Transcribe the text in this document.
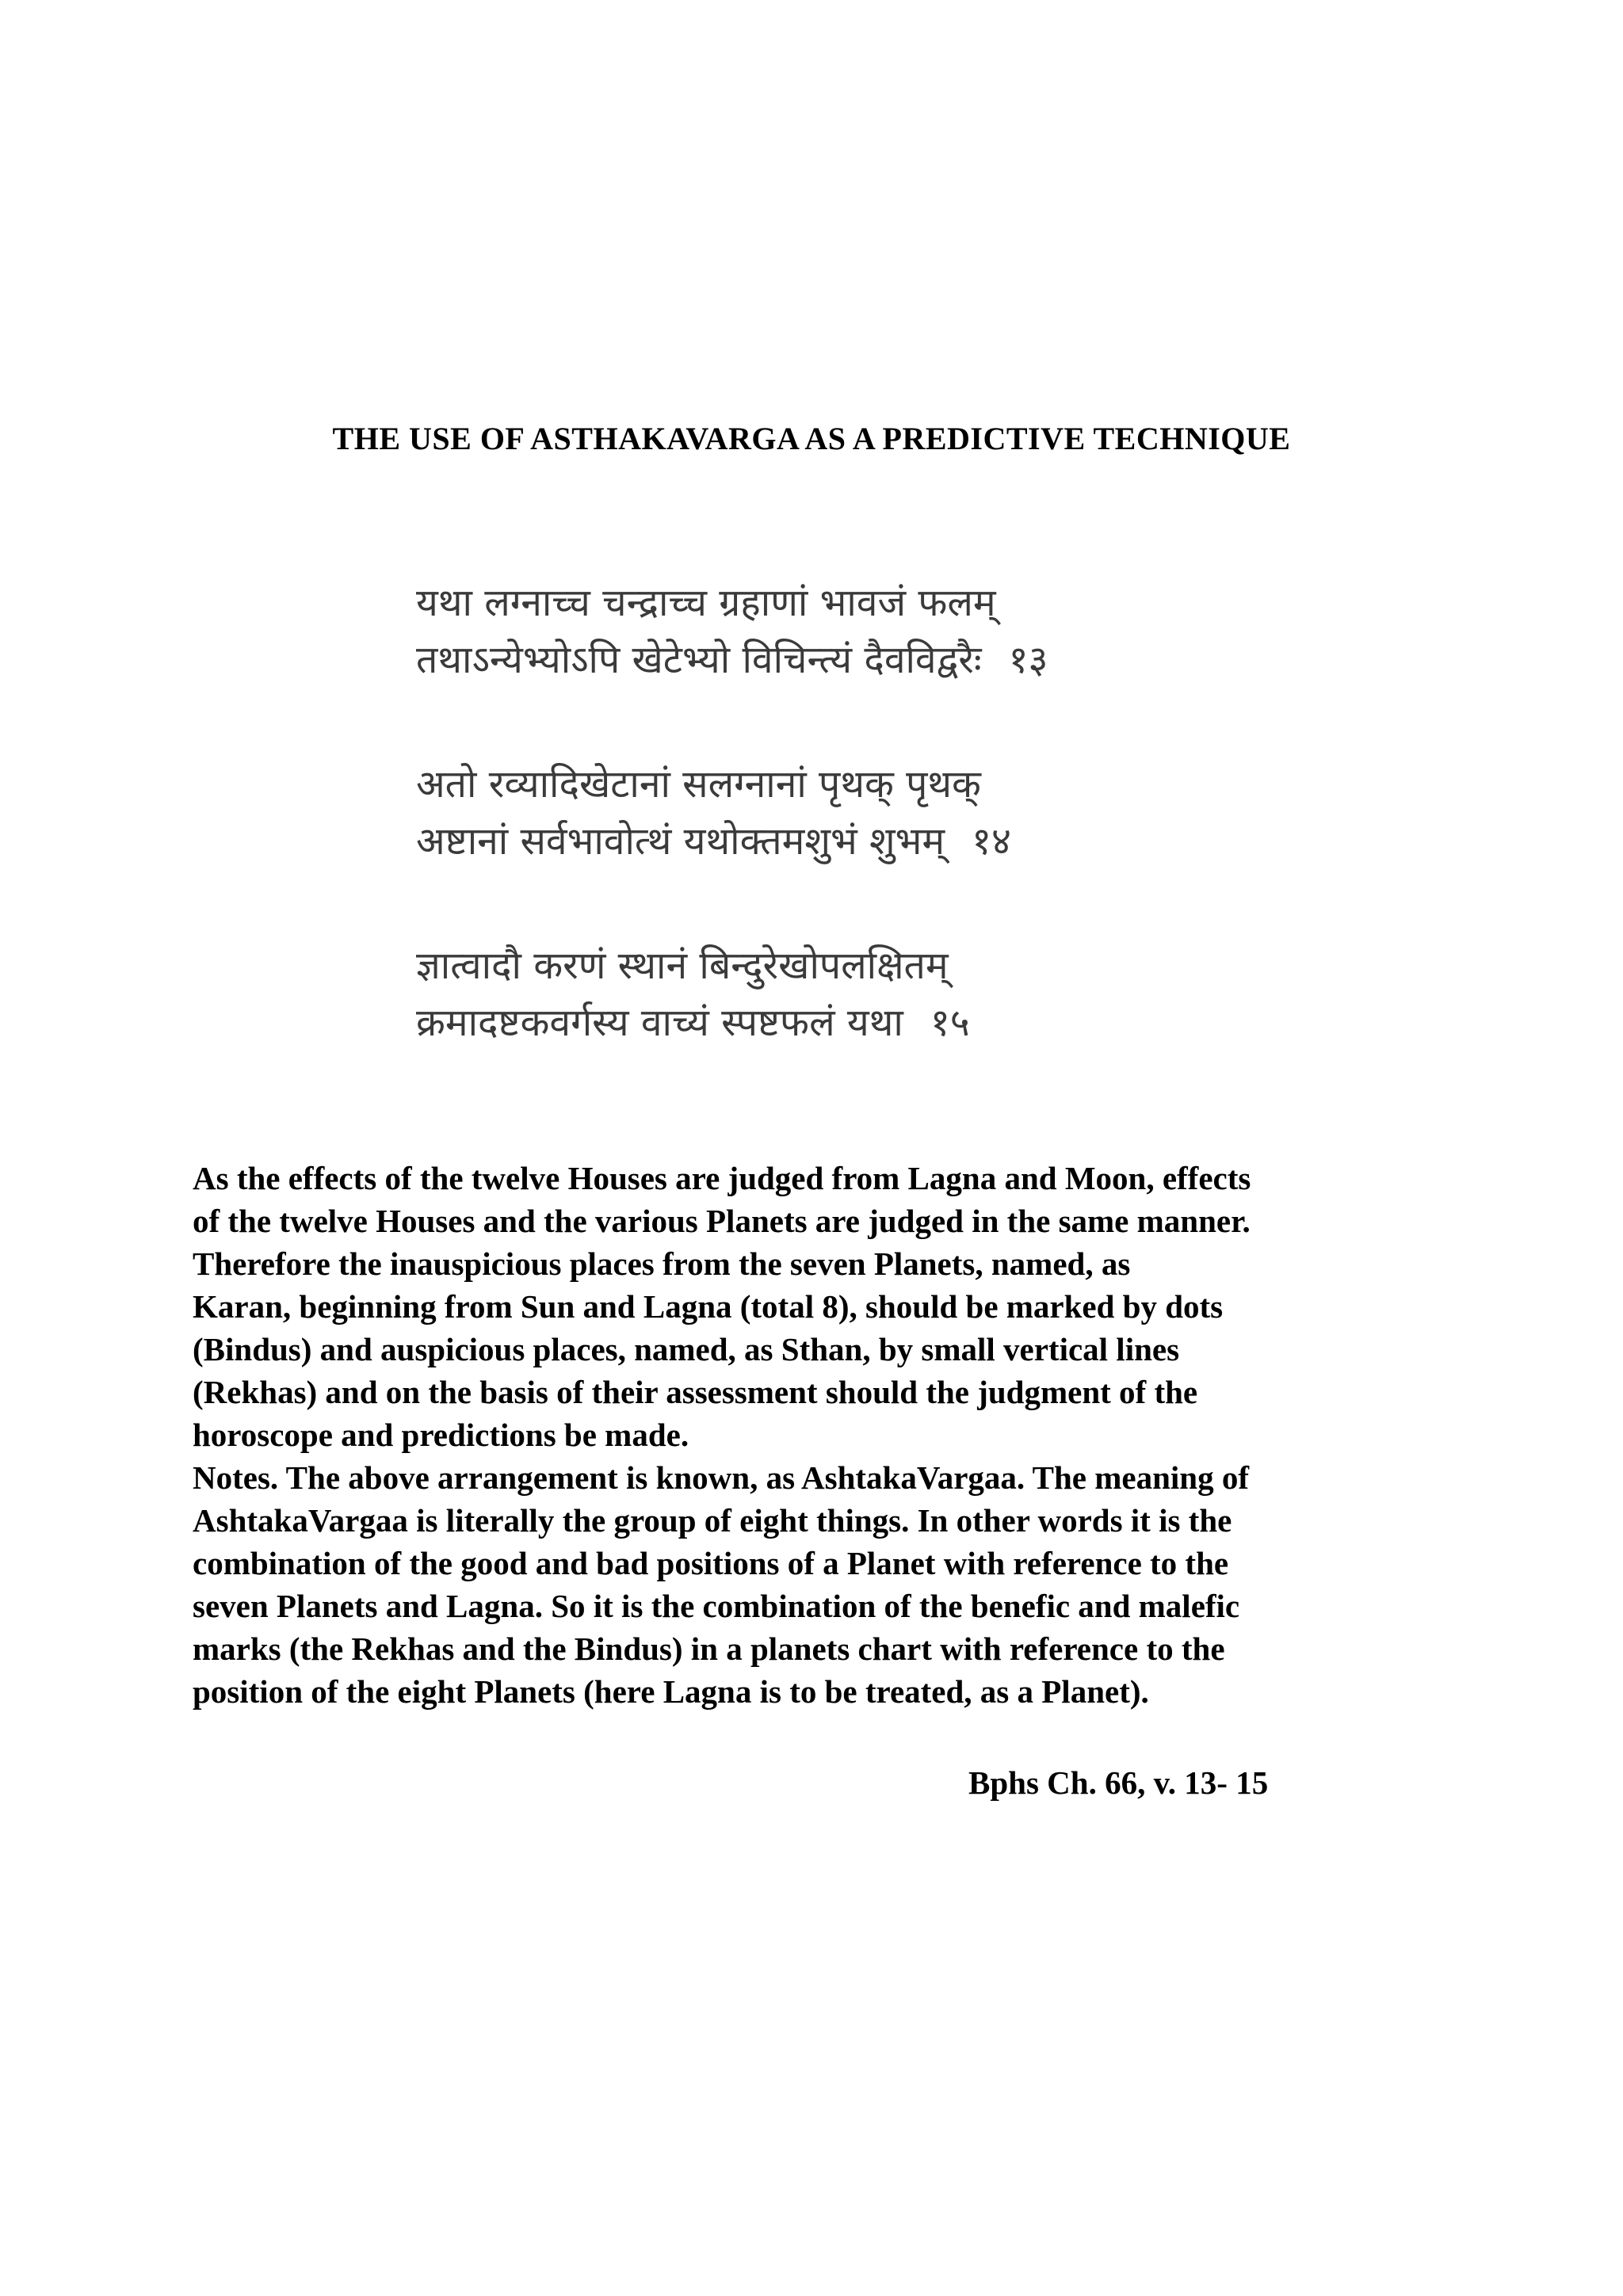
THE USE OF ASTHAKAVARGA AS A PREDICTIVE TECHNIQUE
यथा लग्नाच्च चन्द्राच्च ग्रहाणां भावजं फलम्
तथाऽन्येभ्योऽपि खेटेभ्यो विचिन्त्यं दैवविद्वरैः १३
अतो रव्यादिखेटानां सलग्नानां पृथक् पृथक्
अष्टानां सर्वभावोत्थं यथोक्तमशुभं शुभम् १४
ज्ञात्वादौ करणं स्थानं बिन्दुरेखोपलक्षितम्
क्रमादष्टकवर्गस्य वाच्यं स्पष्टफलं यथा १५
As the effects of the twelve Houses are judged from Lagna and Moon, effects
of the twelve Houses and the various Planets are judged in the same manner.
Therefore the inauspicious places from the seven Planets, named, as
Karan, beginning from Sun and Lagna (total 8), should be marked by dots
(Bindus) and auspicious places, named, as Sthan, by small vertical lines
(Rekhas) and on the basis of their assessment should the judgment of the
horoscope and predictions be made.
Notes. The above arrangement is known, as AshtakaVargaa. The meaning of
AshtakaVargaa is literally the group of eight things. In other words it is the
combination of the good and bad positions of a Planet with reference to the
seven Planets and Lagna. So it is the combination of the benefic and malefic
marks (the Rekhas and the Bindus) in a planets chart with reference to the
position of the eight Planets (here Lagna is to be treated, as a Planet).
Bphs Ch. 66, v. 13- 15
